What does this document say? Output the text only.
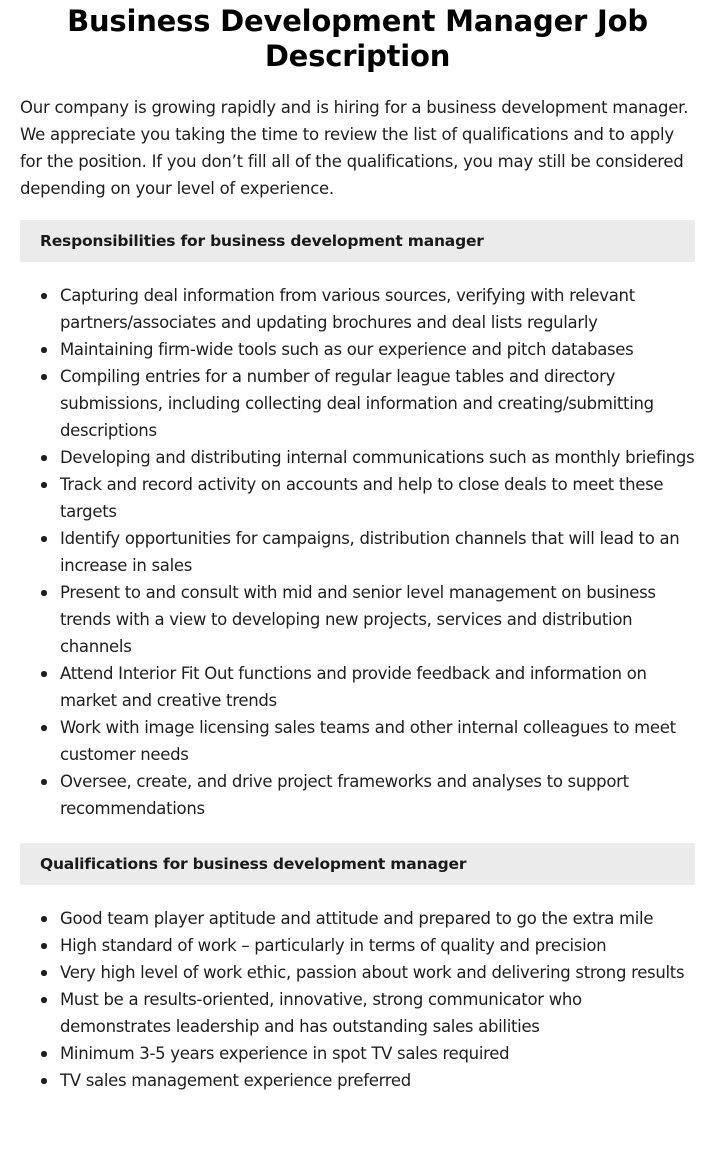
Business Development Manager Job Description

Our company is growing rapidly and is hiring for a business development manager. We appreciate you taking the time to review the list of qualifications and to apply for the position. If you don’t fill all of the qualifications, you may still be considered depending on your level of experience.

Responsibilities for business development manager
Capturing deal information from various sources, verifying with relevant partners/associates and updating brochures and deal lists regularly
Maintaining firm-wide tools such as our experience and pitch databases
Compiling entries for a number of regular league tables and directory submissions, including collecting deal information and creating/submitting descriptions
Developing and distributing internal communications such as monthly briefings
Track and record activity on accounts and help to close deals to meet these targets
Identify opportunities for campaigns, distribution channels that will lead to an increase in sales
Present to and consult with mid and senior level management on business trends with a view to developing new projects, services and distribution channels
Attend Interior Fit Out functions and provide feedback and information on market and creative trends
Work with image licensing sales teams and other internal colleagues to meet customer needs
Oversee, create, and drive project frameworks and analyses to support recommendations
Qualifications for business development manager
Good team player aptitude and attitude and prepared to go the extra mile
High standard of work – particularly in terms of quality and precision
Very high level of work ethic, passion about work and delivering strong results
Must be a results-oriented, innovative, strong communicator who demonstrates leadership and has outstanding sales abilities
Minimum 3-5 years experience in spot TV sales required
TV sales management experience preferred
